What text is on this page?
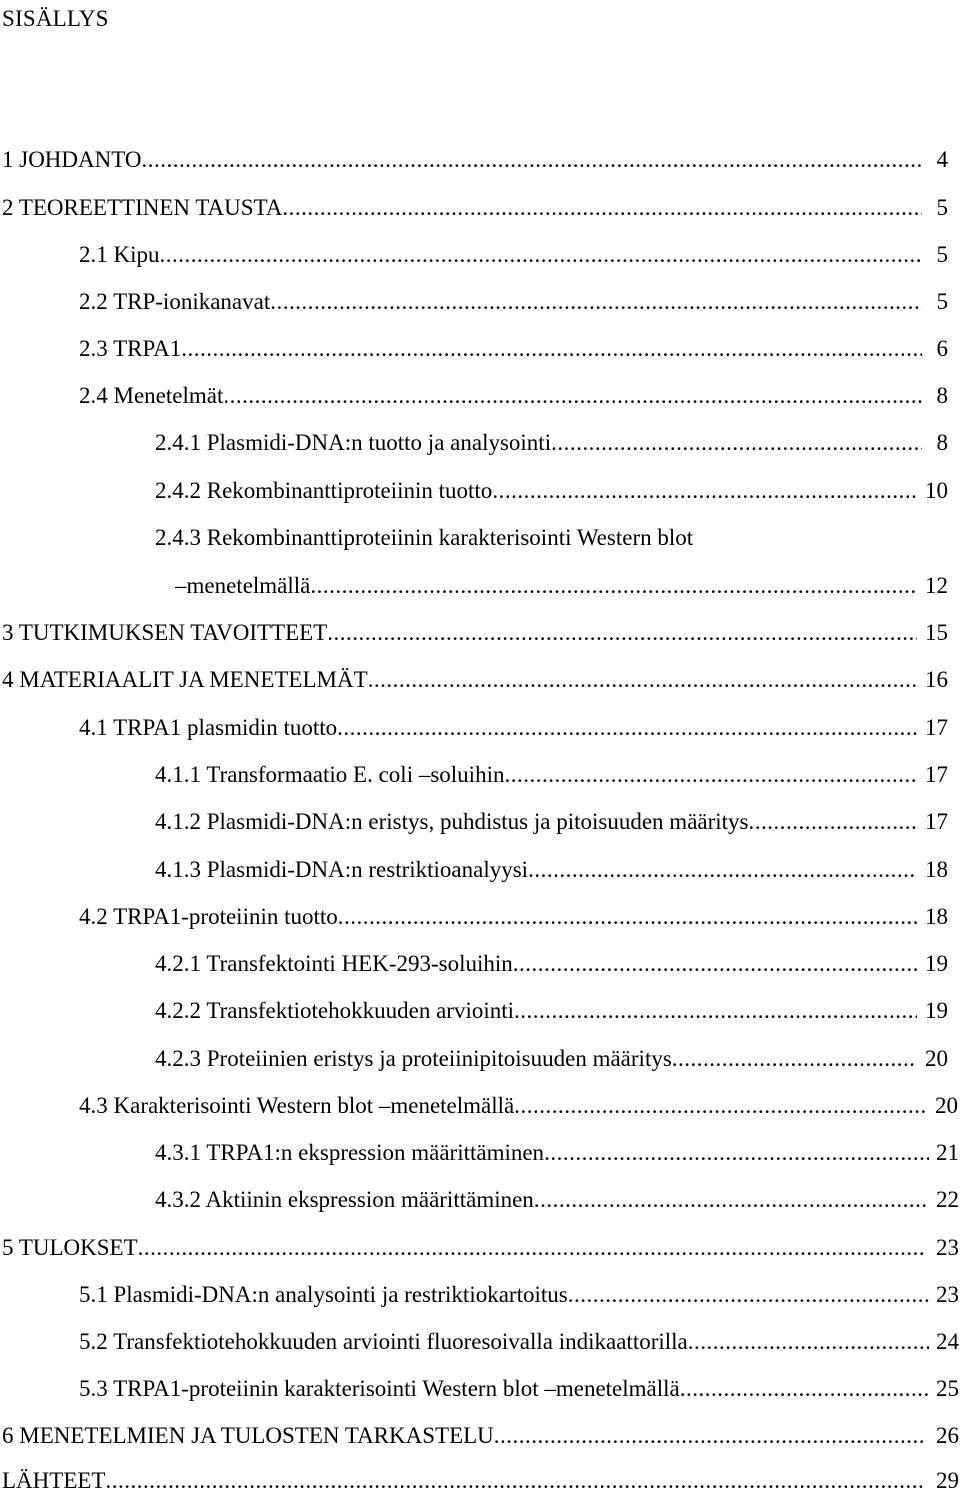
SISÄLLYS
1 JOHDANTO .....	4
2 TEOREETTINEN TAUSTA .....	5
2.1 Kipu .....	5
2.2 TRP-ionikanavat .....	5
2.3 TRPA1 .....	6
2.4 Menetelmät .....	8
2.4.1 Plasmidi-DNA:n tuotto ja analysointi .....	8
2.4.2 Rekombinanttiproteiinin tuotto .....	10
2.4.3 Rekombinanttiproteiinin karakterisointi Western blot
–menetelmällä .....	12
3 TUTKIMUKSEN TAVOITTEET .....	15
4 MATERIAALIT JA MENETELMÄT .....	16
4.1 TRPA1 plasmidin tuotto .....	17
4.1.1 Transformaatio E. coli –soluihin .....	17
4.1.2 Plasmidi-DNA:n eristys, puhdistus ja pitoisuuden määritys .....	17
4.1.3 Plasmidi-DNA:n restriktioanalyysi .....	18
4.2 TRPA1-proteiinin tuotto .....	18
4.2.1 Transfektointi HEK-293-soluihin .....	19
4.2.2 Transfektiotehokkuuden arviointi .....	19
4.2.3 Proteiinien eristys ja proteiinipitoisuuden määritys .....	20
4.3 Karakterisointi Western blot –menetelmällä .....	20
4.3.1 TRPA1:n ekspression määrittäminen .....	21
4.3.2 Aktiinin ekspression määrittäminen .....	22
5 TULOKSET .....	23
5.1 Plasmidi-DNA:n analysointi ja restriktiokartoitus .....	23
5.2 Transfektiotehokkuuden arviointi fluoresoivalla indikaattorilla .....	24
5.3 TRPA1-proteiinin karakterisointi Western blot –menetelmällä .....	25
6 MENETELMIEN JA TULOSTEN TARKASTELU .....	26
LÄHTEET .....	29
